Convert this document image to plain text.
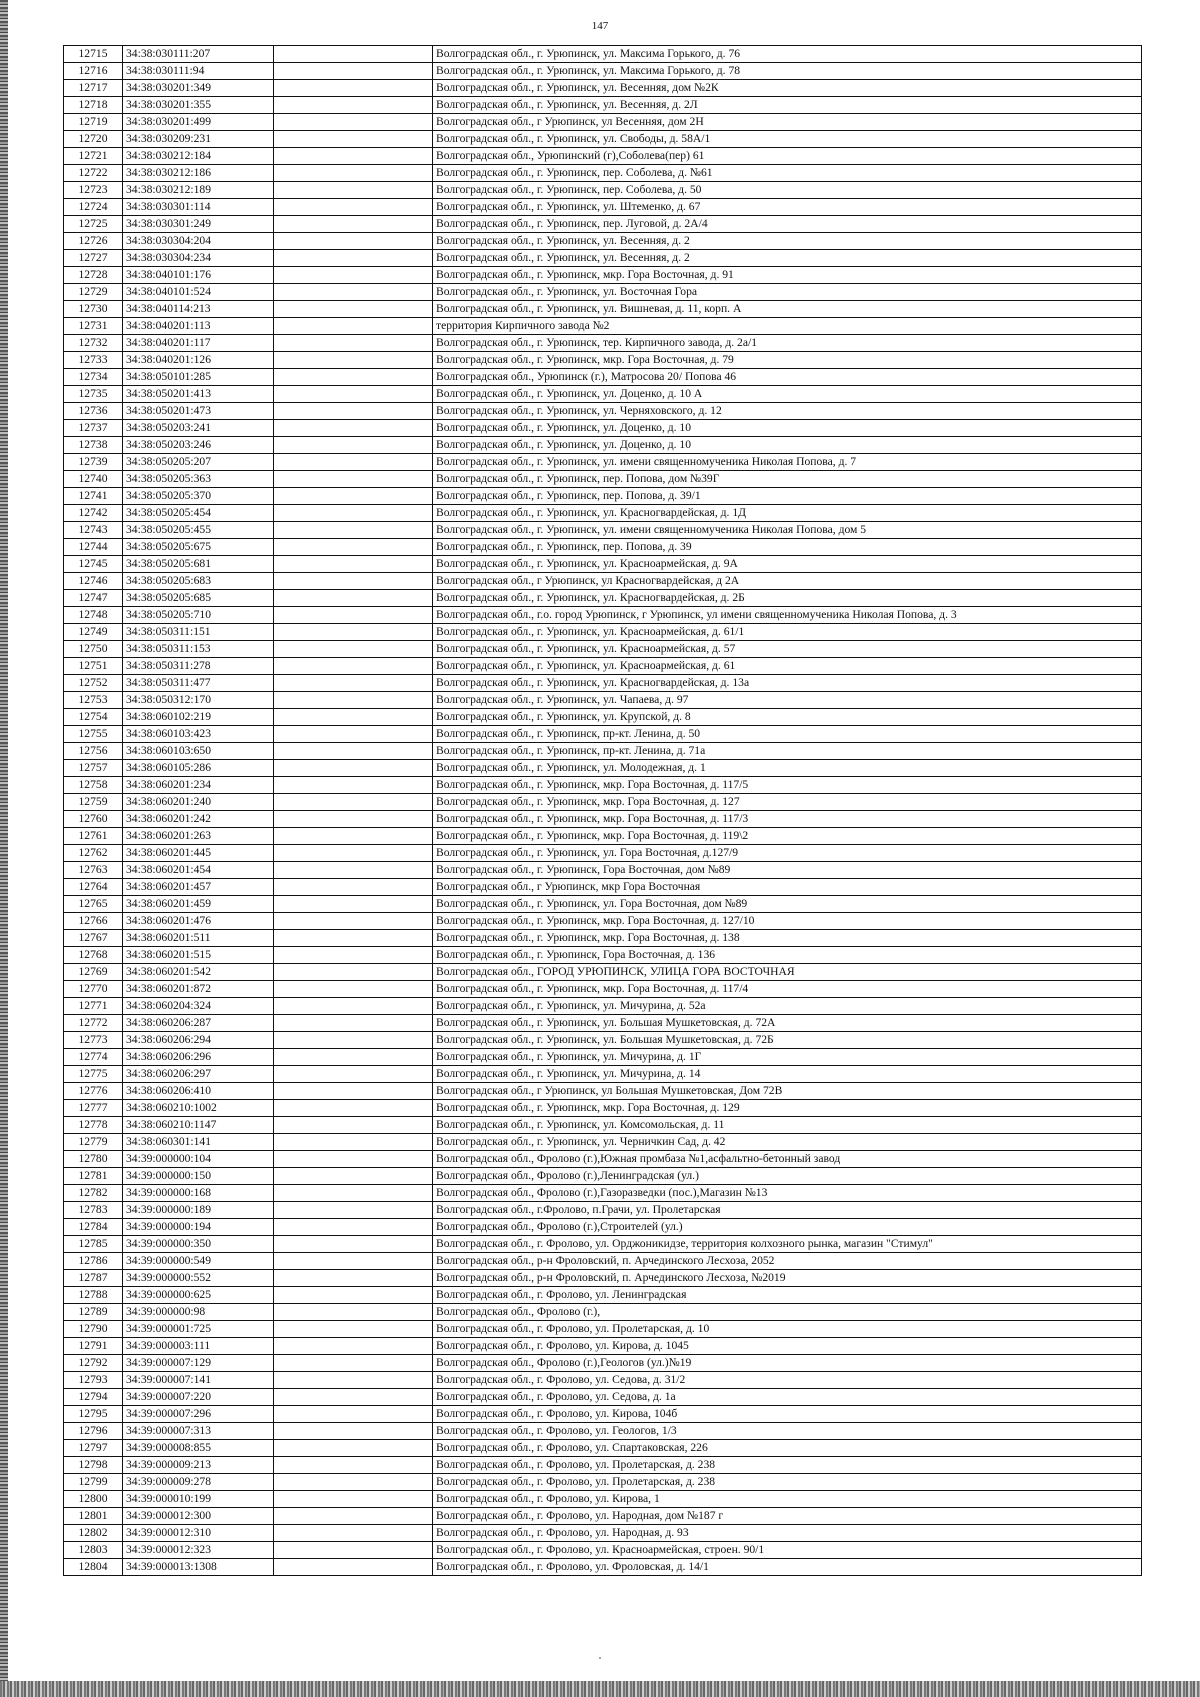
147
12715	34:38:030111:207		Волгоградская обл., г. Урюпинск, ул. Максима Горького, д. 76
12716	34:38:030111:94		Волгоградская обл., г. Урюпинск, ул. Максима Горького, д. 78
12717	34:38:030201:349		Волгоградская обл., г. Урюпинск, ул. Весенняя, дом №2К
12718	34:38:030201:355		Волгоградская обл., г. Урюпинск, ул. Весенняя, д. 2Л
12719	34:38:030201:499		Волгоградская обл., г Урюпинск, ул Весенняя, дом 2Н
12720	34:38:030209:231		Волгоградская обл., г. Урюпинск, ул. Свободы, д. 58А/1
12721	34:38:030212:184		Волгоградская обл., Урюпинский (г),Соболева(пер) 61
12722	34:38:030212:186		Волгоградская обл., г. Урюпинск, пер. Соболева, д. №61
12723	34:38:030212:189		Волгоградская обл., г. Урюпинск, пер. Соболева, д. 50
12724	34:38:030301:114		Волгоградская обл., г. Урюпинск, ул. Штеменко, д. 67
12725	34:38:030301:249		Волгоградская обл., г. Урюпинск, пер. Луговой, д. 2А/4
12726	34:38:030304:204		Волгоградская обл., г. Урюпинск, ул. Весенняя, д. 2
12727	34:38:030304:234		Волгоградская обл., г. Урюпинск, ул. Весенняя, д. 2
12728	34:38:040101:176		Волгоградская обл., г. Урюпинск, мкр. Гора Восточная, д. 91
12729	34:38:040101:524		Волгоградская обл., г. Урюпинск, ул. Восточная Гора
12730	34:38:040114:213		Волгоградская обл., г. Урюпинск, ул. Вишневая, д. 11, корп. А
12731	34:38:040201:113		территория Кирпичного завода №2
12732	34:38:040201:117		Волгоградская обл., г. Урюпинск, тер. Кирпичного завода, д. 2а/1
12733	34:38:040201:126		Волгоградская обл., г. Урюпинск, мкр. Гора Восточная, д. 79
12734	34:38:050101:285		Волгоградская обл., Урюпинск (г.), Матросова 20/ Попова 46
12735	34:38:050201:413		Волгоградская обл., г. Урюпинск, ул. Доценко, д. 10 А
12736	34:38:050201:473		Волгоградская обл., г. Урюпинск, ул. Черняховского, д. 12
12737	34:38:050203:241		Волгоградская обл., г. Урюпинск, ул. Доценко, д. 10
12738	34:38:050203:246		Волгоградская обл., г. Урюпинск, ул. Доценко, д. 10
12739	34:38:050205:207		Волгоградская обл., г. Урюпинск, ул. имени священномученика Николая Попова, д. 7
12740	34:38:050205:363		Волгоградская обл., г. Урюпинск, пер. Попова, дом №39Г
12741	34:38:050205:370		Волгоградская обл., г. Урюпинск, пер. Попова, д. 39/1
12742	34:38:050205:454		Волгоградская обл., г. Урюпинск, ул. Красногвардейская, д. 1Д
12743	34:38:050205:455		Волгоградская обл., г. Урюпинск, ул. имени священномученика Николая Попова, дом 5
12744	34:38:050205:675		Волгоградская обл., г. Урюпинск, пер. Попова, д. 39
12745	34:38:050205:681		Волгоградская обл., г. Урюпинск, ул. Красноармейская, д. 9А
12746	34:38:050205:683		Волгоградская обл., г Урюпинск, ул Красногвардейская, д 2А
12747	34:38:050205:685		Волгоградская обл., г. Урюпинск, ул. Красногвардейская, д. 2Б
12748	34:38:050205:710		Волгоградская обл., г.о. город Урюпинск, г Урюпинск, ул имени священномученика Николая Попова, д. 3
12749	34:38:050311:151		Волгоградская обл., г. Урюпинск, ул. Красноармейская, д. 61/1
12750	34:38:050311:153		Волгоградская обл., г. Урюпинск, ул. Красноармейская, д. 57
12751	34:38:050311:278		Волгоградская обл., г. Урюпинск, ул. Красноармейская, д. 61
12752	34:38:050311:477		Волгоградская обл., г. Урюпинск, ул. Красногвардейская, д. 13а
12753	34:38:050312:170		Волгоградская обл., г. Урюпинск, ул. Чапаева, д. 97
12754	34:38:060102:219		Волгоградская обл., г. Урюпинск, ул. Крупской, д. 8
12755	34:38:060103:423		Волгоградская обл., г. Урюпинск, пр-кт. Ленина, д. 50
12756	34:38:060103:650		Волгоградская обл., г. Урюпинск, пр-кт. Ленина, д. 71а
12757	34:38:060105:286		Волгоградская обл., г. Урюпинск, ул. Молодежная, д. 1
12758	34:38:060201:234		Волгоградская обл., г. Урюпинск, мкр. Гора Восточная, д. 117/5
12759	34:38:060201:240		Волгоградская обл., г. Урюпинск, мкр. Гора Восточная, д. 127
12760	34:38:060201:242		Волгоградская обл., г. Урюпинск, мкр. Гора Восточная, д. 117/3
12761	34:38:060201:263		Волгоградская обл., г. Урюпинск, мкр. Гора Восточная, д. 119\2
12762	34:38:060201:445		Волгоградская обл., г. Урюпинск, ул. Гора Восточная, д.127/9
12763	34:38:060201:454		Волгоградская обл., г. Урюпинск, Гора Восточная, дом №89
12764	34:38:060201:457		Волгоградская обл., г Урюпинск, мкр Гора Восточная
12765	34:38:060201:459		Волгоградская обл., г. Урюпинск, ул. Гора Восточная, дом №89
12766	34:38:060201:476		Волгоградская обл., г. Урюпинск, мкр. Гора Восточная, д. 127/10
12767	34:38:060201:511		Волгоградская обл., г. Урюпинск, мкр. Гора Восточная, д. 138
12768	34:38:060201:515		Волгоградская обл., г. Урюпинск, Гора Восточная, д. 136
12769	34:38:060201:542		Волгоградская обл., ГОРОД УРЮПИНСК, УЛИЦА ГОРА ВОСТОЧНАЯ
12770	34:38:060201:872		Волгоградская обл., г. Урюпинск, мкр. Гора Восточная, д. 117/4
12771	34:38:060204:324		Волгоградская обл., г. Урюпинск, ул. Мичурина, д. 52а
12772	34:38:060206:287		Волгоградская обл., г. Урюпинск, ул. Большая Мушкетовская, д. 72А
12773	34:38:060206:294		Волгоградская обл., г. Урюпинск, ул. Большая Мушкетовская, д. 72Б
12774	34:38:060206:296		Волгоградская обл., г. Урюпинск, ул. Мичурина, д. 1Г
12775	34:38:060206:297		Волгоградская обл., г. Урюпинск, ул. Мичурина, д. 14
12776	34:38:060206:410		Волгоградская обл., г Урюпинск, ул Большая Мушкетовская, Дом 72В
12777	34:38:060210:1002		Волгоградская обл., г. Урюпинск, мкр. Гора Восточная, д. 129
12778	34:38:060210:1147		Волгоградская обл., г. Урюпинск, ул. Комсомольская, д. 11
12779	34:38:060301:141		Волгоградская обл., г. Урюпинск, ул. Черничкин Сад, д. 42
12780	34:39:000000:104		Волгоградская обл., Фролово (г.),Южная промбаза №1,асфальтно-бетонный завод
12781	34:39:000000:150		Волгоградская обл., Фролово (г.),Ленинградская (ул.)
12782	34:39:000000:168		Волгоградская обл., Фролово (г.),Газоразведки (пос.),Магазин №13
12783	34:39:000000:189		Волгоградская обл., г.Фролово, п.Грачи, ул. Пролетарская
12784	34:39:000000:194		Волгоградская обл., Фролово (г.),Строителей (ул.)
12785	34:39:000000:350		Волгоградская обл., г. Фролово, ул. Орджоникидзе, территория колхозного рынка, магазин "Стимул"
12786	34:39:000000:549		Волгоградская обл., р-н Фроловский, п. Арчединского Лесхоза, 2052
12787	34:39:000000:552		Волгоградская обл., р-н Фроловский, п. Арчединского Лесхоза, №2019
12788	34:39:000000:625		Волгоградская обл., г. Фролово, ул. Ленинградская
12789	34:39:000000:98		Волгоградская обл., Фролово (г.),
12790	34:39:000001:725		Волгоградская обл., г. Фролово, ул. Пролетарская, д. 10
12791	34:39:000003:111		Волгоградская обл., г. Фролово, ул. Кирова, д. 1045
12792	34:39:000007:129		Волгоградская обл., Фролово (г.),Геологов (ул.)№19
12793	34:39:000007:141		Волгоградская обл., г. Фролово, ул. Седова, д. 31/2
12794	34:39:000007:220		Волгоградская обл., г. Фролово, ул. Седова, д. 1а
12795	34:39:000007:296		Волгоградская обл., г. Фролово, ул. Кирова, 104б
12796	34:39:000007:313		Волгоградская обл., г. Фролово, ул. Геологов, 1/3
12797	34:39:000008:855		Волгоградская обл., г. Фролово, ул. Спартаковская, 226
12798	34:39:000009:213		Волгоградская обл., г. Фролово, ул. Пролетарская, д. 238
12799	34:39:000009:278		Волгоградская обл., г. Фролово, ул. Пролетарская, д. 238
12800	34:39:000010:199		Волгоградская обл., г. Фролово, ул. Кирова, 1
12801	34:39:000012:300		Волгоградская обл., г. Фролово, ул. Народная, дом №187 г
12802	34:39:000012:310		Волгоградская обл., г. Фролово, ул. Народная, д. 93
12803	34:39:000012:323		Волгоградская обл., г. Фролово, ул. Красноармейская, строен. 90/1
12804	34:39:000013:1308		Волгоградская обл., г. Фролово, ул. Фроловская, д. 14/1
